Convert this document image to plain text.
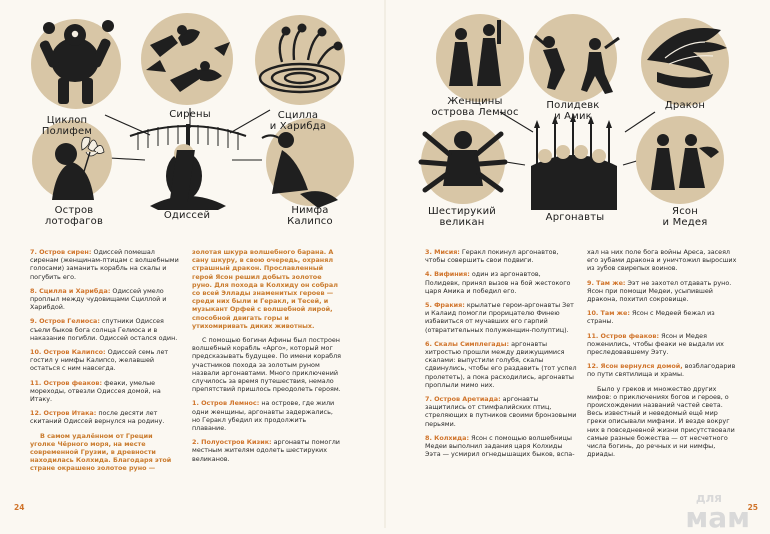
Циклоп
Полифем
Сирены	Сцилла
и Харибда
Остров
лотофагов
Одиссей	Нимфа
Калипсо

7. Остров сирен: Одиссей помешал сиренам (женщинам-птицам с волшебными голосами) заманить корабль на скалы и погубить его.

8. Сцилла и Харибда: Одиссей умело проплыл между чудовищами Сциллой и Харибдой.

9. Остров Гелиоса: спутники Одиссея съели быков бога солнца Гелиоса и в наказание погибли. Одиссей остался один.

10. Остров Калипсо: Одиссей семь лет гостил у нимфы Калипсо, желавшей остаться с ним навсегда.

11. Остров феаков: феаки, умелые мореходы, отвезли Одиссея домой, на Итаку.

12. Остров Итака: после десяти лет скитаний Одиссей вернулся на родину.

В самом удалённом от Греции уголке Чёрного моря, на месте современной Грузии, в древности находилась Колхида. Благодаря этой стране окрашено золотое руно —

золотая шкура волшебного барана. А сану шкуру, в свою очередь, охранял страшный дракон. Прославленный герой Ясон решил добыть золотое руно. Для похода в Колхиду он собрал со всей Эллады знаменитых героев — среди них были и Геракл, и Тесей, и музыкант Орфей с волшебной лирой, способной двигать горы и утихомиривать диких животных.

С помощью богини Афины был построен волшебный корабль «Арго», который мог предсказывать будущее. По имени корабля участников похода за золотым руном назвали аргонавтами. Много приключений случилось за время путешествия, немало препятствий пришлось преодолеть героям.

1. Остров Лемнос: на острове, где жили одни женщины, аргонавты задержались, но Геракл убедил их продолжить плавание.

2. Полуостров Кизик: аргонавты помогли местным жителям одолеть шестируких великанов.

24
Женщины
острова Лемнос
Полидевк
и Амик
Дракон
Шестирукий
великан	Аргонавты
Ясон
и Медея

3. Мисия: Геракл покинул аргонавтов, чтобы совершить свои подвиги.

4. Вифиния: один из аргонавтов, Полидевк, принял вызов на бой жестокого царя Амика и победил его.

5. Фракия: крылатые герои-аргонавты Зет и Калаид помогли прорицателю Финею избавиться от мучавших его гарпий (отвратительных полуженщин-полуптиц).

6. Скалы Симплегады: аргонавты хитростью прошли между движущимися скалами: выпустили голубя, скалы сдвинулись, чтобы его раздавить (тот успел пролететь), а пока расходились, аргонавты проплыли мимо них.

7. Остров Аретиада: аргонавты защитились от стимфалийских птиц, стреляющих в путников своими бронзовыми перьями.

8. Колхида: Ясон с помощью волшебницы Медеи выполнил задания царя Колхиды Ээта — усмирил огнедышащих быков, вспа-

хал на них поле бога войны Ареса, засеял его зубами дракона и уничтожил выросших из зубов свирепых воинов.

9. Там же: Ээт не захотел отдавать руно. Ясон при помощи Медеи, усыпившей дракона, похитил сокровище.

10. Там же: Ясон с Медеей бежал из страны.

11. Остров феаков: Ясон и Медея поженились, чтобы феаки не выдали их преследовавшему Ээту.

12. Ясон вернулся домой, возблагодарив по пути святилища и храмы.

Было у греков и множество других мифов: о приключениях богов и героев, о происхождении названий частей света. Весь известный и неведомый ещё мир греки описывали мифами. И везде вокруг них в повседневной жизни присутствовали самые разные божества — от несчетного числа богинь, до речных и ни нимфы, дриады.

25
для
мам
